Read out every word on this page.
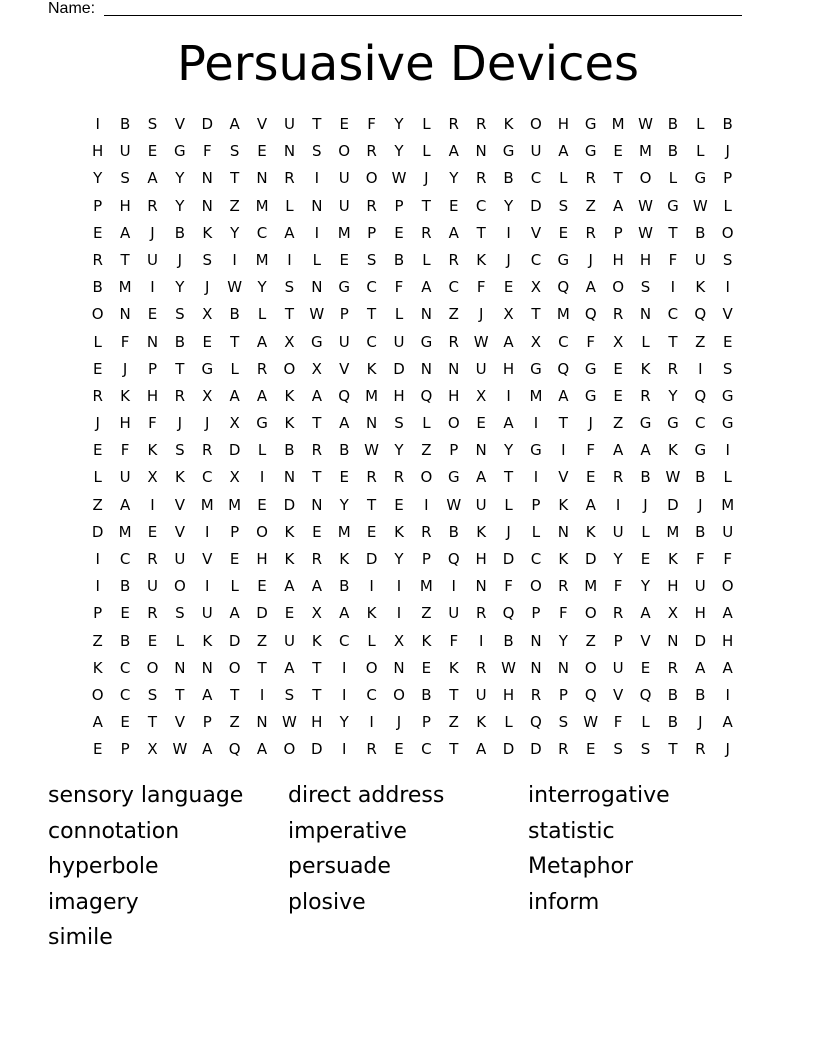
Name:
Persuasive Devices
I	B	S	V	D	A	V	U	T	E	F	Y	L	R	R	K	O	H	G	M W B	L	B
H	U	E	G	F	S	E	N	S	O	R	Y	L	A	N	G	U	A	G	E	M	B	L	J
Y	S	A	Y	N	T	N	R	I	U	O W	J	Y	R	B	C	L	R	T	O	L	G	P
P	H	R	Y	N	Z	M	L	N	U	R	P	T	E	C	Y	D	S	Z	A W G W	L
E	A	J	B	K	Y	C	A	I	M	P	E	R	A	T	I	V	E	R	P	W	T	B	O
R	T	U	J	S	I	M	I	L	E	S	B	L	R	K	J	C	G	J	H	H	F	U	S
B	M	I	Y	J	W	Y	S	N	G	C	F	A	C	F	E	X	Q	A	O	S	I	K	I
O	N	E	S	X	B	L	T	W	P	T	L	N	Z	J	X	T	M	Q	R	N	C	Q	V
L	F	N	B	E	T	A	X	G	U	C	U	G	R W A	X	C	F	X	L	T	Z	E
E	J	P	T	G	L	R	O	X	V	K	D	N	N	U	H	G	Q	G	E	K	R	I	S
R	K	H	R	X	A	A	K	A	Q	M	H	Q	H	X	I	M	A	G	E	R	Y	Q	G
J	H	F	J	J	X	G	K	T	A	N	S	L	O	E	A	I	T	J	Z	G	G	C	G
E	F	K	S	R	D	L	B	R	B W	Y	Z	P	N	Y	G	I	F	A	A	K	G	I
L	U	X	K	C	X	I	N	T	E	R	R	O	G	A	T	I	V	E	R	B W B	L
Z	A	I	V	M M	E	D	N	Y	T	E	I	W U	L	P	K	A	I	J	D	J	M
D	M	E	V	I	P	O	K	E	M	E	K	R	B	K	J	L	N	K	U	L	M	B	U
I	C	R	U	V	E	H	K	R	K	D	Y	P	Q	H	D	C	K	D	Y	E	K	F	F
I	B	U	O	I	L	E	A	A	B	I	I	M	I	N	F	O	R	M	F	Y	H	U	O
P	E	R	S	U	A	D	E	X	A	K	I	Z	U	R	Q	P	F	O	R	A	X	H	A
Z	B	E	L	K	D	Z	U	K	C	L	X	K	F	I	B	N	Y	Z	P	V	N	D	H
K	C	O	N	N	O	T	A	T	I	O	N	E	K	R W N	N	O	U	E	R	A	A
O	C	S	T	A	T	I	S	T	I	C	O	B	T	U	H	R	P	Q	V	Q	B	B	I
A	E	T	V	P	Z	N W H	Y	I	J	P	Z	K	L	Q	S	W	F	L	B	J	A
E	P	X W A	Q	A	O	D	I	R	E	C	T	A	D	D	R	E	S	S	T	R	J
sensory language	direct address	interrogative
connotation	imperative	statistic
hyperbole	persuade	Metaphor
imagery	plosive	inform
simile
